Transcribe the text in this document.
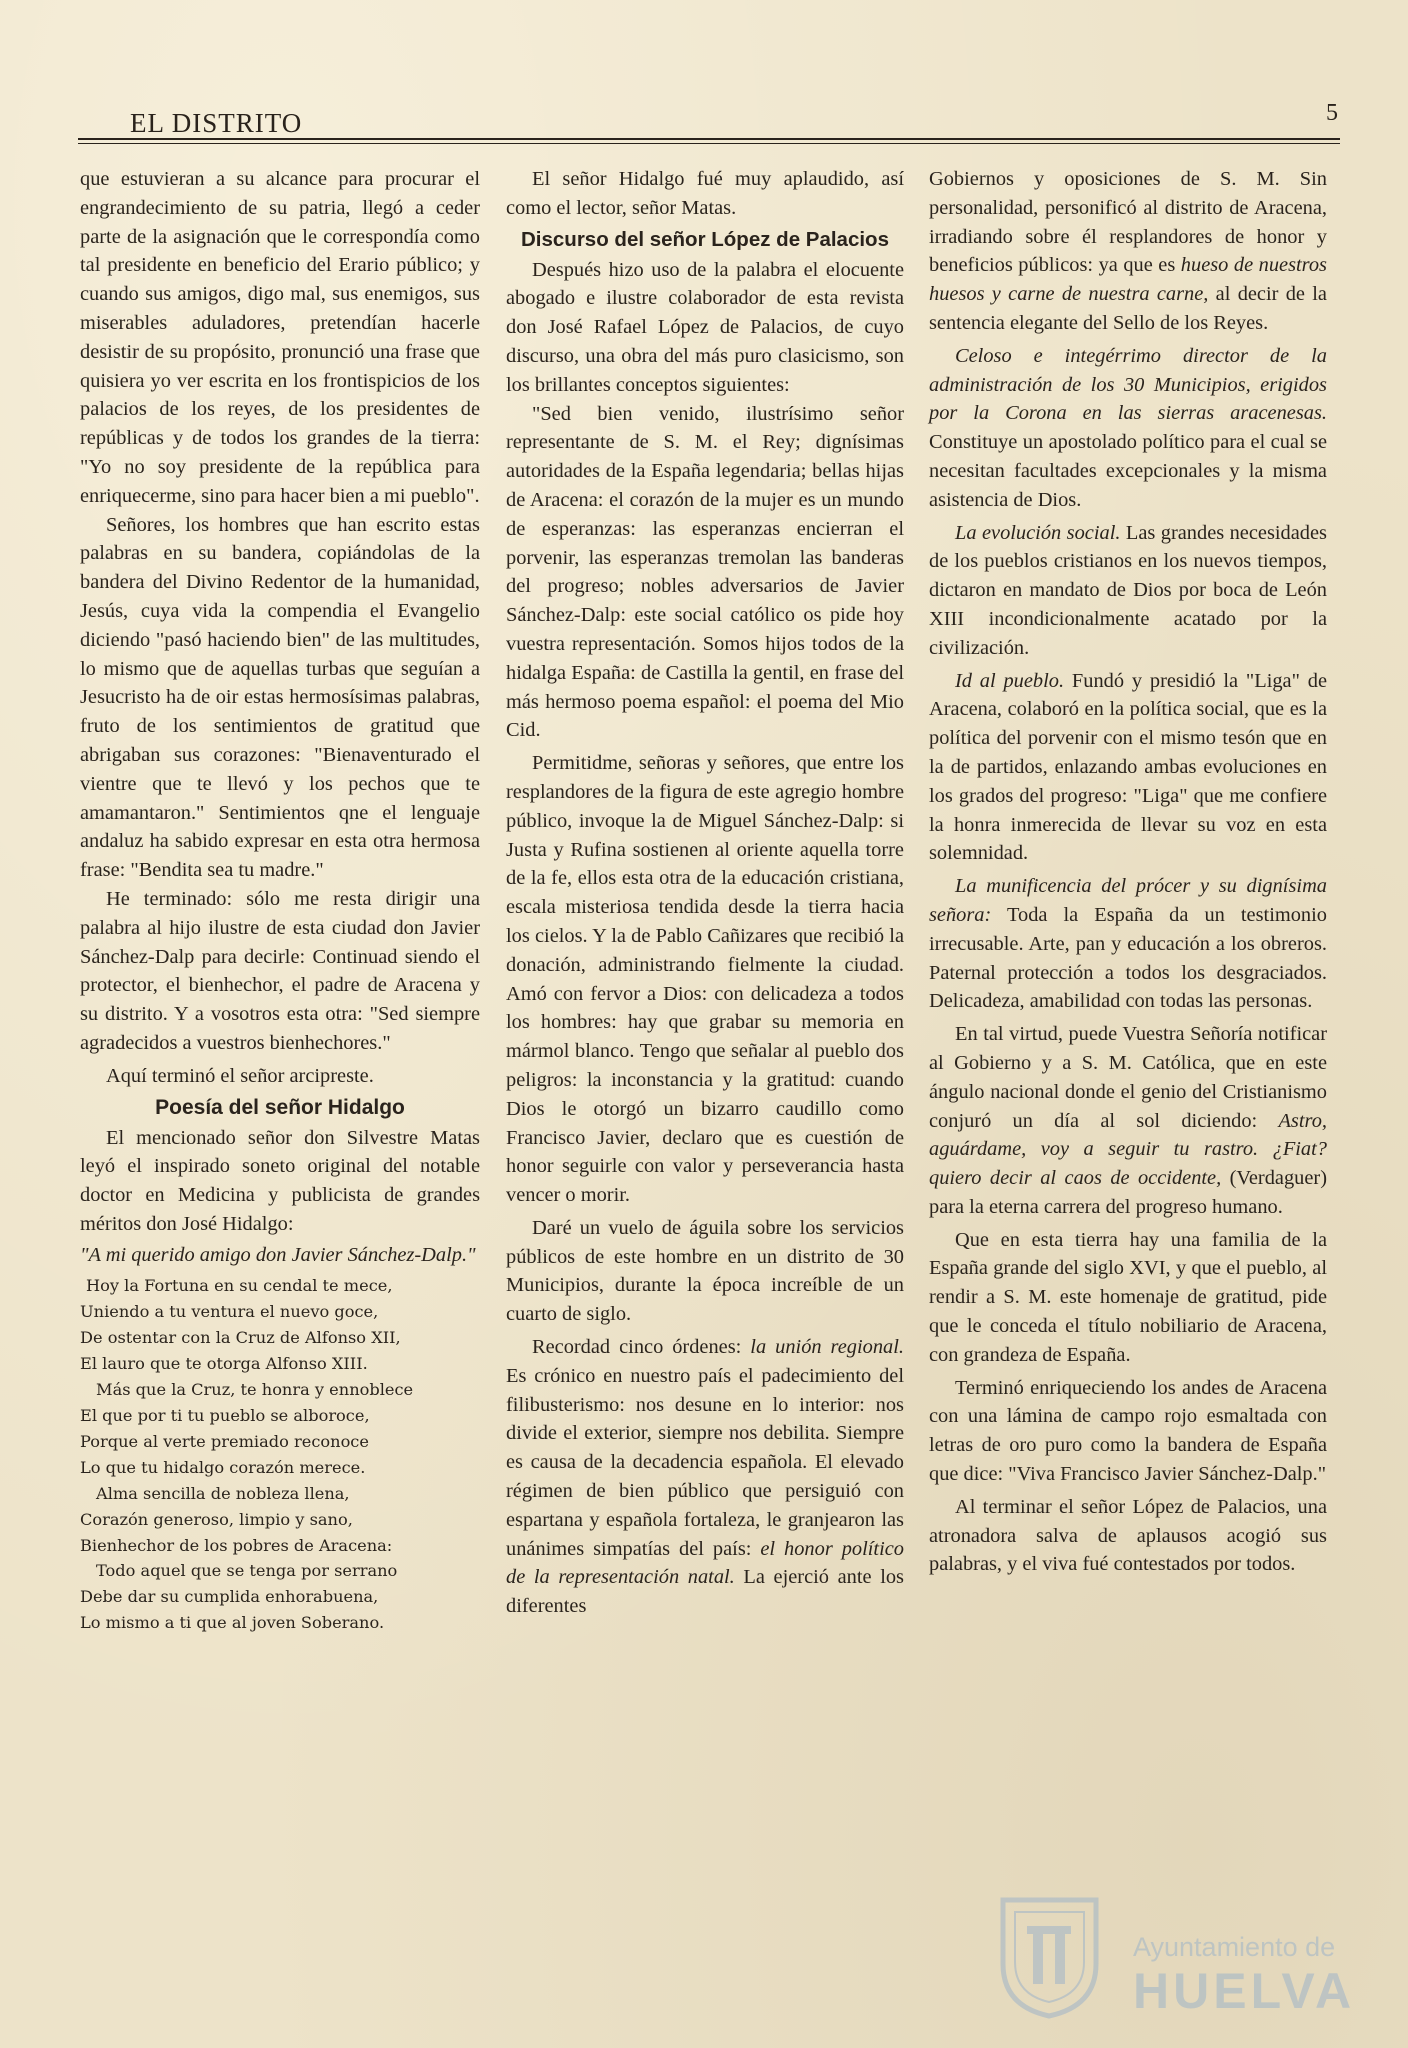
EL DISTRITO	5

que estuvieran a su alcance para procurar el engrandecimiento de su patria, llegó a ceder parte de la asignación que le correspondía como tal presidente en beneficio del Erario público; y cuando sus amigos, digo mal, sus enemigos, sus miserables aduladores, pretendían hacerle desistir de su propósito, pronunció una frase que quisiera yo ver escrita en los frontispicios de los palacios de los reyes, de los presidentes de repúblicas y de todos los grandes de la tierra: "Yo no soy presidente de la república para enriquecerme, sino para hacer bien a mi pueblo".

Señores, los hombres que han escrito estas palabras en su bandera, copiándolas de la bandera del Divino Redentor de la humanidad, Jesús, cuya vida la compendia el Evangelio diciendo "pasó haciendo bien" de las multitudes, lo mismo que de aquellas turbas que seguían a Jesucristo ha de oir estas hermosísimas palabras, fruto de los sentimientos de gratitud que abrigaban sus corazones: "Bienaventurado el vientre que te llevó y los pechos que te amamantaron." Sentimientos qne el lenguaje andaluz ha sabido expresar en esta otra hermosa frase: "Bendita sea tu madre."

He terminado: sólo me resta dirigir una palabra al hijo ilustre de esta ciudad don Javier Sánchez-Dalp para decirle: Continuad siendo el protector, el bienhechor, el padre de Aracena y su distrito. Y a vosotros esta otra: "Sed siempre agradecidos a vuestros bienhechores."

Aquí terminó el señor arcipreste.

Poesía del señor Hidalgo

El mencionado señor don Silvestre Matas leyó el inspirado soneto original del notable doctor en Medicina y publicista de grandes méritos don José Hidalgo:

"A mi querido amigo don Javier Sánchez-Dalp."

Hoy la Fortuna en su cendal te mece,
Uniendo a tu ventura el nuevo goce,
De ostentar con la Cruz de Alfonso XII,
El lauro que te otorga Alfonso XIII.
Más que la Cruz, te honra y ennoblece
El que por ti tu pueblo se alboroce,
Porque al verte premiado reconoce
Lo que tu hidalgo corazón merece.
Alma sencilla de nobleza llena,
Corazón generoso, limpio y sano,
Bienhechor de los pobres de Aracena:
Todo aquel que se tenga por serrano
Debe dar su cumplida enhorabuena,
Lo mismo a ti que al joven Soberano.

El señor Hidalgo fué muy aplaudido, así como el lector, señor Matas.

Discurso del señor López de Palacios

Después hizo uso de la palabra el elocuente abogado e ilustre colaborador de esta revista don José Rafael López de Palacios, de cuyo discurso, una obra del más puro clasicismo, son los brillantes conceptos siguientes:

"Sed bien venido, ilustrísimo señor representante de S. M. el Rey; dignísimas autoridades de la España legendaria; bellas hijas de Aracena: el corazón de la mujer es un mundo de esperanzas: las esperanzas encierran el porvenir, las esperanzas tremolan las banderas del progreso; nobles adversarios de Javier Sánchez-Dalp: este social católico os pide hoy vuestra representación. Somos hijos todos de la hidalga España: de Castilla la gentil, en frase del más hermoso poema español: el poema del Mio Cid.

Permitidme, señoras y señores, que entre los resplandores de la figura de este agregio hombre público, invoque la de Miguel Sánchez-Dalp: si Justa y Rufina sostienen al oriente aquella torre de la fe, ellos esta otra de la educación cristiana, escala misteriosa tendida desde la tierra hacia los cielos. Y la de Pablo Cañizares que recibió la donación, administrando fielmente la ciudad. Amó con fervor a Dios: con delicadeza a todos los hombres: hay que grabar su memoria en mármol blanco. Tengo que señalar al pueblo dos peligros: la inconstancia y la gratitud: cuando Dios le otorgó un bizarro caudillo como Francisco Javier, declaro que es cuestión de honor seguirle con valor y perseverancia hasta vencer o morir.

Daré un vuelo de águila sobre los servicios públicos de este hombre en un distrito de 30 Municipios, durante la época increíble de un cuarto de siglo.

Recordad cinco órdenes: la unión regional. Es crónico en nuestro país el padecimiento del filibusterismo: nos desune en lo interior: nos divide el exterior, siempre nos debilita. Siempre es causa de la decadencia española. El elevado régimen de bien público que persiguió con espartana y española fortaleza, le granjearon las unánimes simpatías del país: el honor político de la representación natal. La ejerció ante los diferentes

Gobiernos y oposiciones de S. M. Sin personalidad, personificó al distrito de Aracena, irradiando sobre él resplandores de honor y beneficios públicos: ya que es hueso de nuestros huesos y carne de nuestra carne, al decir de la sentencia elegante del Sello de los Reyes.

Celoso e integérrimo director de la administración de los 30 Municipios, erigidos por la Corona en las sierras aracenesas. Constituye un apostolado político para el cual se necesitan facultades excepcionales y la misma asistencia de Dios.

La evolución social. Las grandes necesidades de los pueblos cristianos en los nuevos tiempos, dictaron en mandato de Dios por boca de León XIII incondicionalmente acatado por la civilización.

Id al pueblo. Fundó y presidió la "Liga" de Aracena, colaboró en la política social, que es la política del porvenir con el mismo tesón que en la de partidos, enlazando ambas evoluciones en los grados del progreso: "Liga" que me confiere la honra inmerecida de llevar su voz en esta solemnidad.

La munificencia del prócer y su dignísima señora: Toda la España da un testimonio irrecusable. Arte, pan y educación a los obreros. Paternal protección a todos los desgraciados. Delicadeza, amabilidad con todas las personas.

En tal virtud, puede Vuestra Señoría notificar al Gobierno y a S. M. Católica, que en este ángulo nacional donde el genio del Cristianismo conjuró un día al sol diciendo: Astro, aguárdame, voy a seguir tu rastro. ¿Fiat? quiero decir al caos de occidente, (Verdaguer) para la eterna carrera del progreso humano.

Que en esta tierra hay una familia de la España grande del siglo XVI, y que el pueblo, al rendir a S. M. este homenaje de gratitud, pide que le conceda el título nobiliario de Aracena, con grandeza de España.

Terminó enriqueciendo los andes de Aracena con una lámina de campo rojo esmaltada con letras de oro puro como la bandera de España que dice: "Viva Francisco Javier Sánchez-Dalp."

Al terminar el señor López de Palacios, una atronadora salva de aplausos acogió sus palabras, y el viva fué contestados por todos.

Ayuntamiento de
HUELVA
